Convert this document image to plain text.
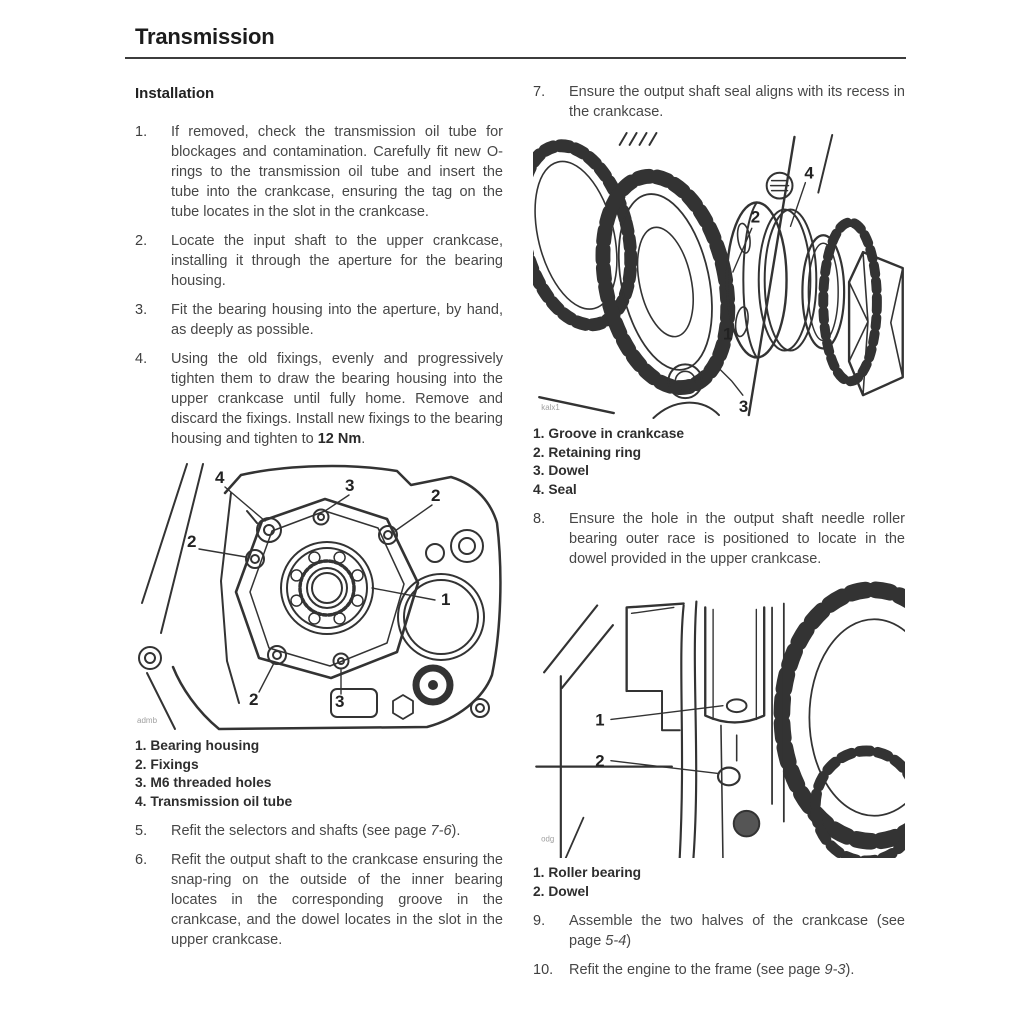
Transmission
Installation
1.	If removed, check the transmission oil tube for blockages and contamination. Carefully fit new O-rings to the transmission oil tube and insert the tube into the crankcase, ensuring the tag on the tube locates in the slot in the crankcase.
2.	Locate the input shaft to the upper crankcase, installing it through the aperture for the bearing housing.
3.	Fit the bearing housing into the aperture, by hand, as deeply as possible.
4.	Using the old fixings, evenly and progressively tighten them to draw the bearing housing into the upper crankcase until fully home. Remove and discard the fixings. Install new fixings to the bearing housing and tighten to 12 Nm.
4	3
2
2
1
2	3
admb
1. Bearing housing
2. Fixings
3. M6 threaded holes
4. Transmission oil tube
5.	Refit the selectors and shafts (see page 7-6).
6.	Refit the output shaft to the crankcase ensuring the snap-ring on the outside of the inner bearing locates in the corresponding groove in the crankcase, and the dowel locates in the slot in the upper crankcase.
7.	Ensure the output shaft seal aligns with its recess in the crankcase.
4
2
1
3
kalx1
1. Groove in crankcase
2. Retaining ring
3. Dowel
4. Seal
8.	Ensure the hole in the output shaft needle roller bearing outer race is positioned to locate in the dowel provided in the upper crankcase.
1
2
odg
1. Roller bearing
2. Dowel
9.	Assemble the two halves of the crankcase (see page 5-4)
10.	Refit the engine to the frame (see page 9-3).
